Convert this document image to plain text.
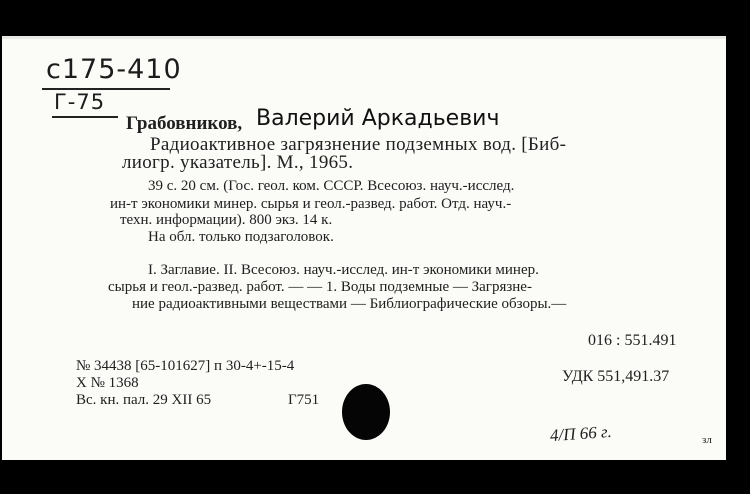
c175-410
Г-75
Грабовников, Валерий Аркадьевич
Радиоактивное загрязнение подземных вод. [Биб-
лиогр. указатель]. М., 1965.
39 с. 20 см. (Гос. геол. ком. СССР. Всесоюз. науч.-исслед.
ин-т экономики минер. сырья и геол.-развед. работ. Отд. науч.-
техн. информации). 800 экз. 14 к.
На обл. только подзаголовок.
I. Заглавие. II. Всесоюз. науч.-исслед. ин-т экономики минер.
сырья и геол.-развед. работ. — — 1. Воды подземные — Загрязне-
ние радиоактивными веществами — Библиографические обзоры.—
016 : 551.491
№ 34438 [65-101627] п 30-4+-15-4
X № 1368
Вс. кн. пал. 29 XII 65	Г751
УДК 551,491.37
4/П 66 г.	зл
